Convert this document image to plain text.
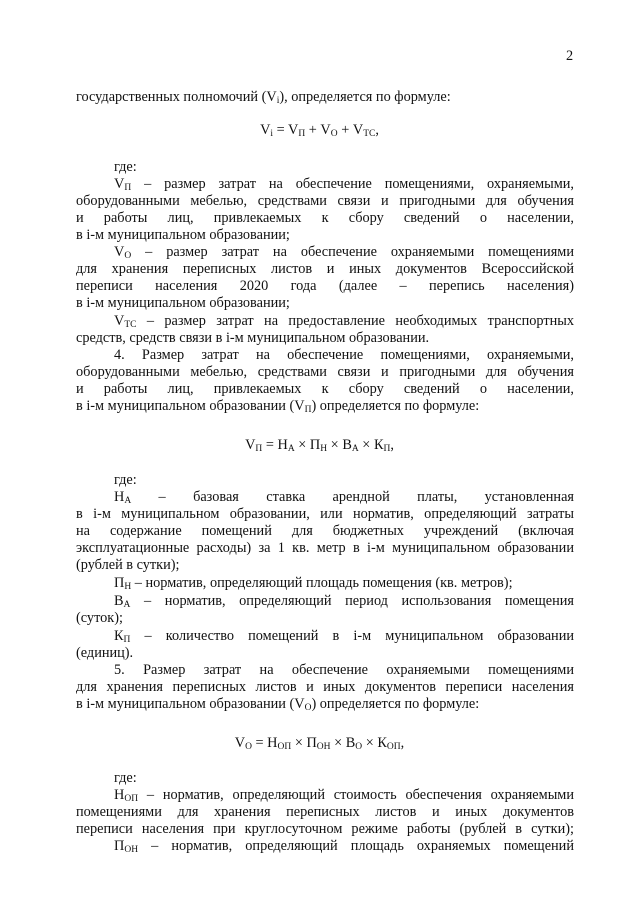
2
государственных полномочий $(V_i)$, определяется по формуле:
$V_i = V_П + V_О + V_{ТС}$,
где:
$V_П$ – размер затрат на обеспечение помещениями, охраняемыми,
оборудованными мебелью, средствами связи и пригодными для обучения
и работы лиц, привлекаемых к сбору сведений о населении,
в i-м муниципальном образовании;
$V_О$ – размер затрат на обеспечение охраняемыми помещениями
для хранения переписных листов и иных документов Всероссийской
переписи населения 2020 года (далее – перепись населения)
в i-м муниципальном образовании;
$V_{ТС}$ – размер затрат на предоставление необходимых транспортных
средств, средств связи в i-м муниципальном образовании.
4. Размер затрат на обеспечение помещениями, охраняемыми,
оборудованными мебелью, средствами связи и пригодными для обучения
и работы лиц, привлекаемых к сбору сведений о населении,
в i-м муниципальном образовании $(V_П)$ определяется по формуле:
$V_П = Н_А \times П_Н \times В_А \times К_П$,
где:
$Н_А$ – базовая ставка арендной платы, установленная
в i-м муниципальном образовании, или норматив, определяющий затраты
на содержание помещений для бюджетных учреждений (включая
эксплуатационные расходы) за 1 кв. метр в i-м муниципальном образовании
(рублей в сутки);
$П_Н$ – норматив, определяющий площадь помещения (кв. метров);
$В_А$ – норматив, определяющий период использования помещения
(суток);
$К_П$ – количество помещений в i-м муниципальном образовании
(единиц).
5. Размер затрат на обеспечение охраняемыми помещениями
для хранения переписных листов и иных документов переписи населения
в i-м муниципальном образовании $(V_О)$ определяется по формуле:
$V_О = Н_{ОП} \times П_{ОН} \times В_О \times К_{ОП}$,
где:
$Н_{ОП}$ – норматив, определяющий стоимость обеспечения охраняемыми
помещениями для хранения переписных листов и иных документов
переписи населения при круглосуточном режиме работы (рублей в сутки);
$П_{ОН}$ – норматив, определяющий площадь охраняемых помещений
